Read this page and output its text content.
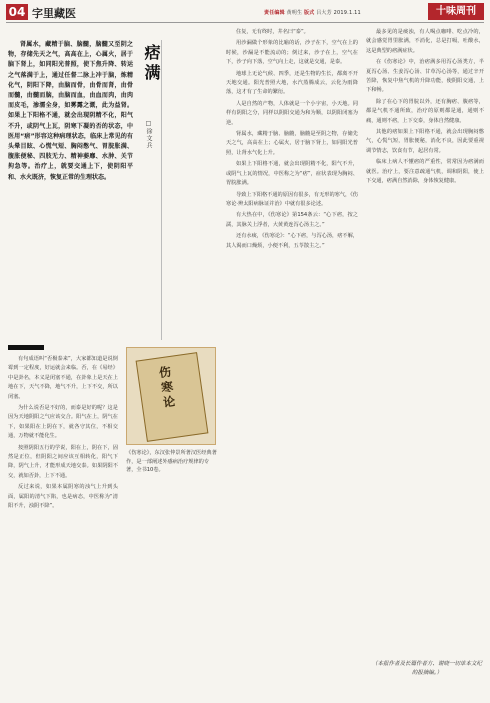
04 字里藏医	责任编辑 黄明生 版式 吕大芳 2019.1.11	十味周刊

肾属水，藏精于脑、脑髓，脑髓又至阴之物，存储先天之气，高高在上，心属火，居于脑下肾上，如同阳光普照，使下焦升降、转运之气落满于上，通过任督二脉上冲于脑，炼精化气，阴阳下降，由脑而骨，由骨而肾，由骨而髓，由髓而脑，由脑而血，由血而肉，由肉而皮毛，渗濡全身，如雾露之溉，此为益肾。如果上下阳格不通，就会出现阴精不化，阳气不升，或阴气上瓦，阴寒下凝的否的状态，中医用“痞”形容这种病理状态，临床上常见的有头晕目眩、心慌气短、胸闷憋气、胃脘胀满、腹胀便秘、四肢无力、精神萎靡、水肿、关节拘急等。治疗上，就要交通上下，使阴阳平和、水火既济，恢复正常的生理状态。

痞满
□徐文兵

有句成语叫“否极泰来”，大家都知道是说倒霉到一定程度，好运就会来临。否，在《易经》中是卦名，本义是闭塞不通，在卦象上是天在上地在下，天气不降，地气不升，上下不交，所以闭塞。

为什么说否是不好的，而泰是好的呢？这是因为天地阴阳之气应该交合。阳气在上，阴气在下，如果阳在上阴在下，就各守其位，不相交通，万物就不能化生。

按照阴阳五行的学说，阳在上，阴在下，固然是正位，但阴阳之间应该互相转化，阳气下降，阴气上升，才能形成天地交泰。如果阴阳不交，就如否卦，上下不通。

反过来说，如果本属阴寒的浊气上升到头面，属阳的清气下陷，也是病态，中医称为“清阳不升，浊阴不降”。

伤寒论
《伤寒论》，东汉张仲景所著汉医经典著作，是一部阐述外感病治疗规律的专著，全书10卷。

住复，无有终时，井名曰“泰”。

用沙漏做个形象的比喻的话，沙子在下，空气在上的时候，沙漏是不能流动的；倒过来，沙子在上，空气在下，沙子向下落，空气向上走，这就是交通，是泰。

地球上无论气候、四季，还是生物的生长，都离不开天地交通。阳光普照大地，水汽蒸腾成云，云化为雨降落，这才有了生命的繁衍。

人是自然的产物，人体就是一个小宇宙，小天地。同样有阴阳之分，同样以阴阳交通为和为顺，以阴阳闭塞为逆。

肾属水，藏精于脑、脑髓，脑髓是至阴之物，存储先天之气，高高在上；心属火，居于脑下肾上，如同阳光普照，让肾水气化上升。

如果上下阳格不通，就会出现阴精不化，阳气不升，或阴气上瓦的情况，中医称之为“痞”，症状表现为胸闷、胃脘胀满。

导致上下阳格不通的原因有很多，有无形的寒气，《伤寒论·辨太阳病脉证并治》中就有很多论述。

有大热在中，《伤寒论》第154条云：“心下痞，按之濡，其脉关上浮者，大黄黄连泻心汤主之。”

还有水痰，《伤寒论》：“心下痞，与泻心汤，痞不解，其人渴而口燥烦，小便不利，五苓散主之。”

最多见的是痰浊，有人喝点咖啡、吃点冷的，就会感觉胃里胀满，不消化，总是打嗝，吐酸水，这是典型的痞满症状。

在《伤寒论》中，治痞满多用泻心汤类方，半夏泻心汤、生姜泻心汤、甘草泻心汤等，通过辛开苦降，恢复中焦气机的升降功能，使阴阳交通，上下和畅。

除了在心下的胃脘以外，还有胸痞、腹痞等，都是气机不通所致，治疗的原则都是通，通则不痛，通则不痞，上下交泰，身体自然健康。

其他的痞如果上下阳格不通，就会出现胸闷憋气，心慌气短，胃胀便秘，消化不良，因此要重视调节情志，饮食有节，起居有常。

临床上病人不懂痞的严重性，常常因为痞满而就医。治疗上，要注意疏通气机，调和阴阳，使上下交通，痞满自然消除，身体恢复健康。

（本报作者及长篇作者方、谢晓一切单本文纪的报摘编。）
